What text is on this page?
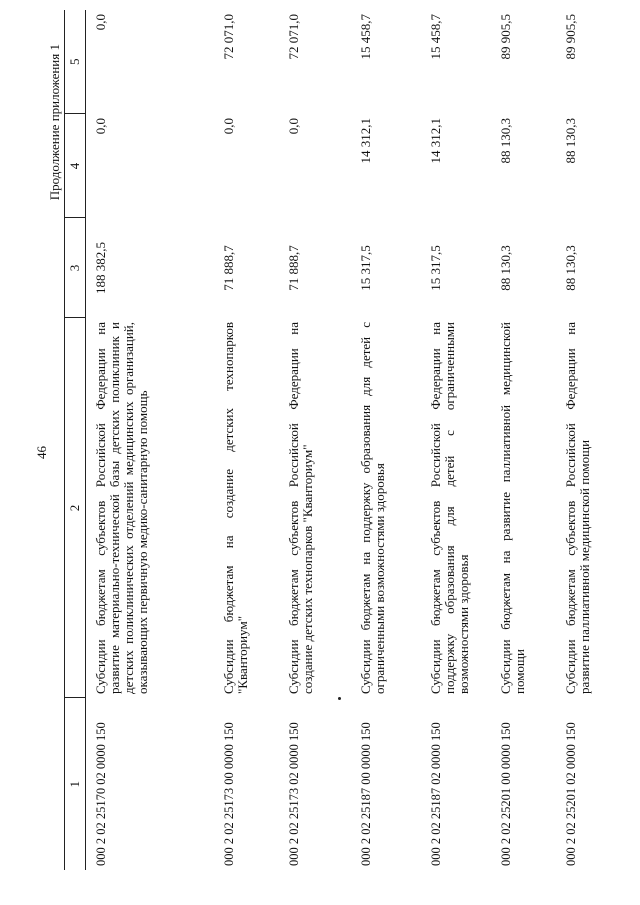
46
Продолжение приложения 1
1	2	3	4	5
000 2 02 25170 02 0000 150	Субсидии бюджетам субъектов Российской Федерации на развитие материально-технической базы детских поликлиник и детских поликлинических отделений медицинских организаций, оказывающих первичную медико-санитарную помощь	188 382,5	0,0	0,0
000 2 02 25173 00 0000 150	Субсидии бюджетам на создание детских технопарков "Кванториум"	71 888,7	0,0	72 071,0
000 2 02 25173 02 0000 150	Субсидии бюджетам субъектов Российской Федерации на создание детских технопарков "Кванториум"	71 888,7	0,0	72 071,0
000 2 02 25187 00 0000 150	Субсидии бюджетам на поддержку образования для детей с ограниченными возможностями здоровья	15 317,5	14 312,1	15 458,7
000 2 02 25187 02 0000 150	Субсидии бюджетам субъектов Российской Федерации на поддержку образования для детей с ограниченными возможностями здоровья	15 317,5	14 312,1	15 458,7
000 2 02 25201 00 0000 150	Субсидии бюджетам на развитие паллиативной медицинской помощи	88 130,3	88 130,3	89 905,5
000 2 02 25201 02 0000 150	Субсидии бюджетам субъектов Российской Федерации на развитие паллиативной медицинской помощи	88 130,3	88 130,3	89 905,5
